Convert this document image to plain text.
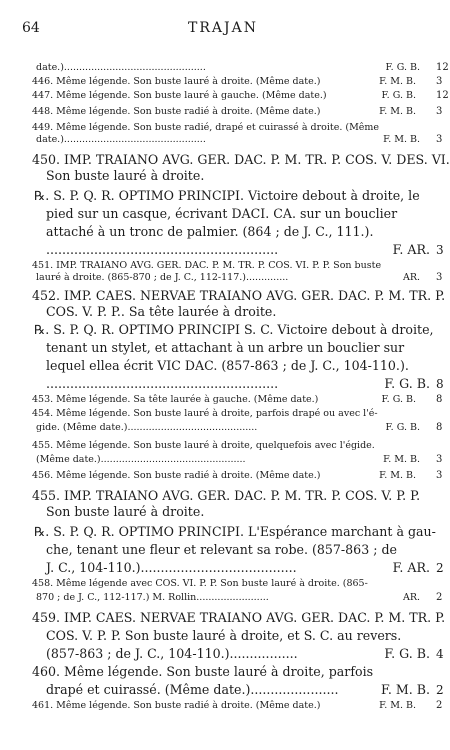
64	TRAJAN
date.)...............................................	F. G. B. 12
446. Même légende. Son buste lauré à droite. (Même date.)	F. M. B. 3
447. Même légende. Son buste lauré à gauche. (Même date.)	F. G. B. 12
448. Même légende. Son buste radié à droite. (Même date.)	F. M. B. 3
449. Même légende. Son buste radié, drapé et cuirassé à droite. (Même
date.)...............................................	F. M. B. 3
450. IMP. TRAIANO AVG. GER. DAC. P. M. TR. P. COS. V. DES. VI.
Son buste lauré à droite.
℞. S. P. Q. R. OPTIMO PRINCIPI. Victoire debout à droite, le
pied sur un casque, écrivant DACI. CA. sur un bouclier
attaché à un tronc de palmier. (864 ; de J. C., 111.).
..........................................................	F. AR. 3
451. IMP. TRAIANO AVG. GER. DAC. P. M. TR. P. COS. VI. P. P. Son buste
lauré à droite. (865-870 ; de J. C., 112-117.)..............	AR. 3
452. IMP. CAES. NERVAE TRAIANO AVG. GER. DAC. P. M. TR. P.
COS. V. P. P.. Sa tête laurée à droite.
℞. S. P. Q. R. OPTIMO PRINCIPI S. C. Victoire debout à droite,
tenant un stylet, et attachant à un arbre un bouclier sur
lequel ellea écrit VIC DAC. (857-863 ; de J. C., 104-110.).
..........................................................	F. G. B. 8
453. Même légende. Sa tête laurée à gauche. (Même date.)	F. G. B. 8
454. Même légende. Son buste lauré à droite, parfois drapé ou avec l'é-
gide. (Même date.)...........................................	F. G. B. 8
455. Même légende. Son buste lauré à droite, quelquefois avec l'égide.
(Même date.)................................................	F. M. B. 3
456. Même légende. Son buste radié à droite. (Même date.)	F. M. B. 3
455. IMP. TRAIANO AVG. GER. DAC. P. M. TR. P. COS. V. P. P.
Son buste lauré à droite.
℞. S. P. Q. R. OPTIMO PRINCIPI. L'Espérance marchant à gau-
che, tenant une fleur et relevant sa robe. (857-863 ; de
J. C., 104-110.).......................................	F. AR. 2
458. Même légende avec COS. VI. P. P. Son buste lauré à droite. (865-
870 ; de J. C., 112-117.) M. Rollin........................	AR. 2
459. IMP. CAES. NERVAE TRAIANO AVG. GER. DAC. P. M. TR. P.
COS. V. P. P. Son buste lauré à droite, et S. C. au revers.
(857-863 ; de J. C., 104-110.).................	F. G. B. 4
460. Même légende. Son buste lauré à droite, parfois
drapé et cuirassé. (Même date.)......................	F. M. B. 2
461. Même légende. Son buste radié à droite. (Même date.)	F. M. B. 2
